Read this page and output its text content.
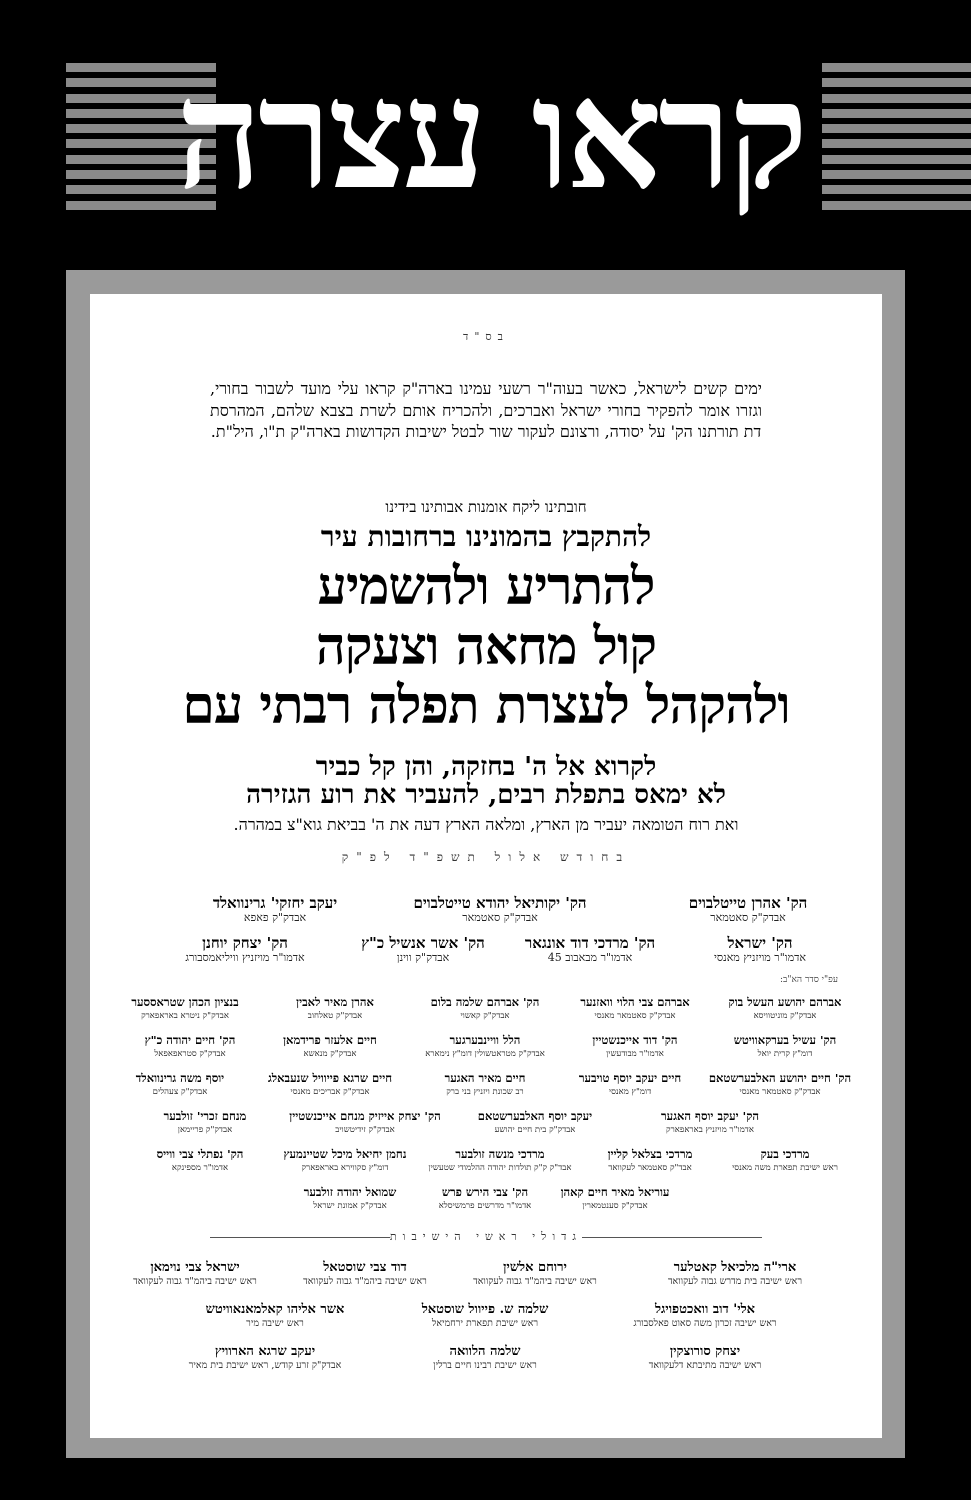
קראו עצרה
בס"ד
ימים קשים לישראל, כאשר בעוה"ר רשעי עמינו בארה"ק קראו עלי מועד לשבור בחורי, וגזרו אומר להפקיר בחורי ישראל ואברכים, ולהכריח אותם לשרת בצבא שלהם, המהרסת דת תורתנו הק' על יסודה, ורצונם לעקור שור לבטל ישיבות הקדושות בארה"ק ת"ו, היל"ת.
חובתינו ליקח אומנות אבותינו בידינו
להתקבץ בהמונינו ברחובות עיר
להתריע ולהשמיע
קול מחאה וצעקה
ולהקהל לעצרת תפלה רבתי עם
לקרוא אל ה' בחזקה, והן קל כביר
לא ימאס בתפלת רבים, להעביר את רוע הגזירה
ואת רוח הטומאה יעביר מן הארץ, ומלאה הארץ דעה את ה' בביאת גוא"צ במהרה.
בחודש אלול תשפ"ד לפ"ק
הק' אהרן טייטלבוים
אבדק"ק סאטמאר
הק' יקותיאל יהודא טייטלבוים
אבדק"ק סאטמאר
יעקב יחזקי' גרינוואלד
אבדק"ק פאפא
הק' ישראל
אדמו"ר מויזניץ מאנסי
הק' מרדכי דוד אונגאר
אדמו"ר מבאבוב 45
הק' אשר אנשיל כ"ץ
אבדק"ק ווינן
הק' יצחק יוחנן
אדמו"ר מויזניץ וויליאמסבורג
עפ"י סדר הא"ב:
אברהם יהושע העשל בוק
אבדק"ק מוניטוויסא
אברהם צבי הלוי וואזנער
אבדק"ק סאטמאר מאנסי
הק' אברהם שלמה בלום
אבדק"ק קאשוי
אהרן מאיר לאבין
אבדק"ק טאלחוב
בנציון הכהן שטראססער
אבדק"ק ניטרא באראפארק
הק' עשיל בערקאוויטש
דומ"ץ קרית יואל
הק' דוד אייכנשטיין
אדמו"ר מבודעשין
הלל וויינבערגער
אבדק"ק מטראטשולין דומ"ץ נימארא
חיים אלעזר פרידמאן
אבדק"ק מנאשא
הק' חיים יהודה כ"ץ
אבדק"ק סטראפאפאל
הק' חיים יהושע האלבערשטאם
אבדק"ק סאטמאר מאנסי
חיים יעקב יוסף טויבער
דומ"ץ מאנסי
חיים מאיר האגער
רב שכונת ויזניץ בני ברק
חיים שרגא פייוויל שנעבאלג
אבדק"ק אבריכים מאנסי
יוסף משה גרינוואלד
אבדק"ק צעהלים
הק' יעקב יוסף האגער
אדמו"ר מויזניץ באראפארק
יעקב יוסף האלבערשטאם
אבדק"ק בית חיים יהושע
הק' יצחק אייזיק מנחם אייכנשטיין
אבדק"ק זידיטשויב
מנחם זכרי' זולבער
אבדק"ק פריימאן
מרדכי בעק
ראש ישיבת תפארת משה מאנסי
מרדכי בצלאל קליין
אבד"ק סאטמאר לעקוואד
מרדכי מנשה זולבער
אבד"ק ק"ק תולדות יהודה ההלמודי שטעשין
נחמן יחיאל מיכל שטיינמעץ
דומ"ץ סקווירא באראפארק
הק' נפתלי צבי ווייס
אדמו"ר מספינקא
עוריאל מאיר חיים קאהן
אבדק"ק סענטמארין
הק' צבי הירש פרש
אדמו"ר מדרשים פרמשיסלא
שמואל יהודה זולבער
אבדק"ק אמונת ישראל
גדולי ראשי הישיבות
ארי"ה מלכיאל קאטלער
ראש ישיבה בית מדרש גבוה לעקוואד
ירוחם אלשין
ראש ישיבה ביהמ"ד גבוה לעקוואד
דוד צבי שוסטאל
ראש ישיבה ביהמ"ד גבוה לעקוואד
ישראל צבי נוימאן
ראש ישיבה ביהמ"ד גבוה לעקוואד
אלי' דוב וואכטפויגל
ראש ישיבה זכרון משה סאוט פאלסבורג
שלמה ש. פייוול שוסטאל
ראש ישיבת תפארת ירחמיאל
אשר אליהו קאלמאנאוויטש
ראש ישיבה מיר
יצחק סורוצקין
ראש ישיבה מתיבתא דלעקוואד
שלמה הלוואה
ראש ישיבת רבינו חיים ברלין
יעקב שרגא הארוויץ
אבדק"ק זרע קודש, ראש ישיבת בית מאיר
